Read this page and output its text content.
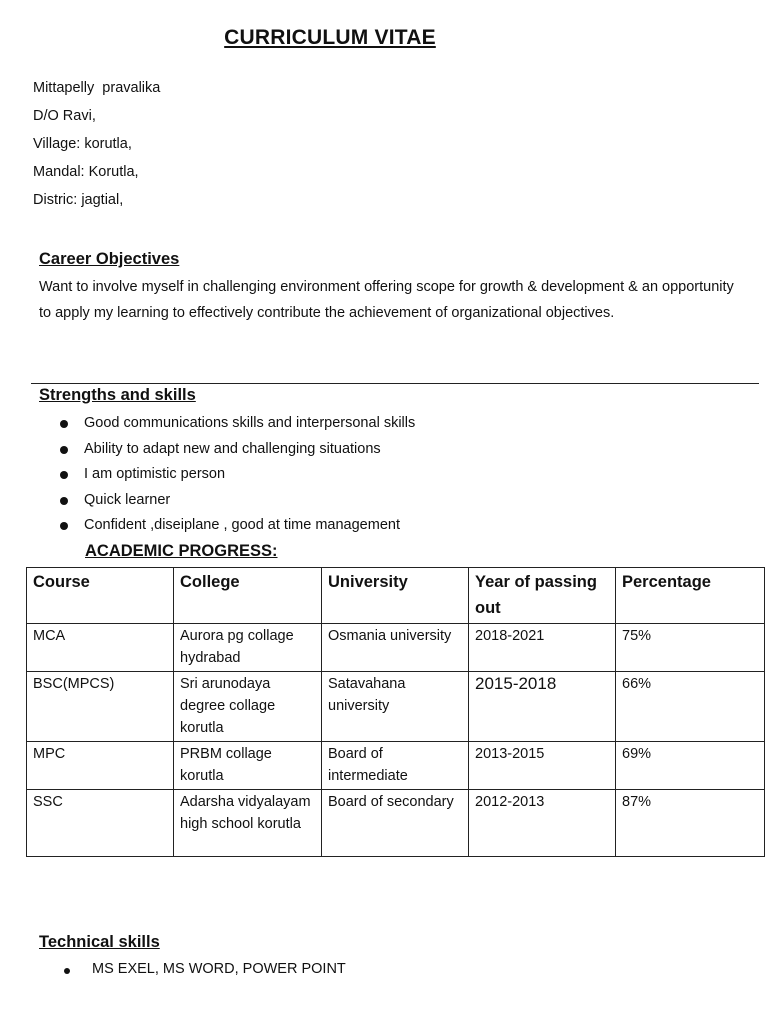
CURRICULUM VITAE
Mittapelly  pravalika
D/O Ravi,
Village: korutla,
Mandal: Korutla,
Distric: jagtial,
Career Objectives
Want to involve myself in challenging environment offering scope for growth & development & an opportunity to apply my learning to effectively contribute the achievement of organizational objectives.
Strengths and skills
Good communications skills and interpersonal skills
Ability to adapt new and challenging situations
I am optimistic person
Quick learner
Confident ,diseiplane , good at time management
ACADEMIC PROGRESS:
Course	College	University	Year of passing out	Percentage
MCA	Aurora pg collage hydrabad	Osmania university	2018-2021	75%
BSC(MPCS)	Sri arunodaya degree collage korutla	Satavahana university	2015-2018	66%
MPC	PRBM collage korutla	Board of intermediate	2013-2015	69%
SSC	Adarsha vidyalayam high school korutla	Board of secondary	2012-2013	87%
Technical skills
MS EXEL, MS WORD, POWER POINT
